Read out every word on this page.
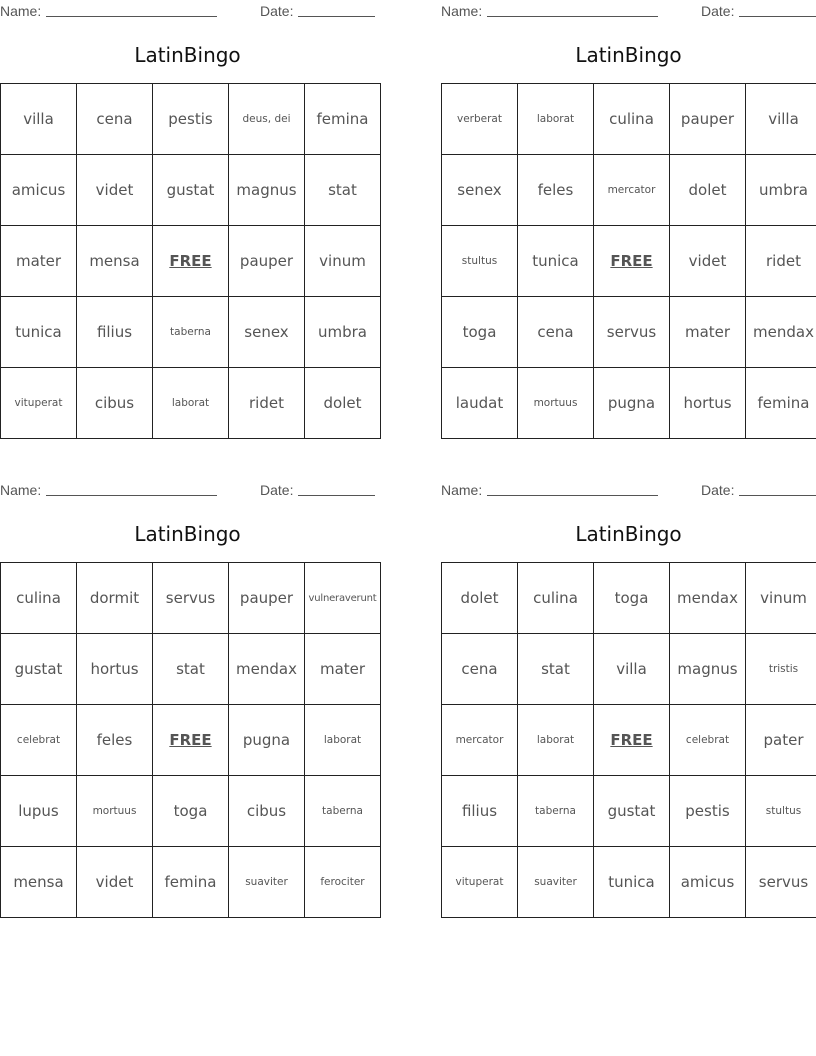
Name:	Date:
LatinBingo
villa	cena	pestis	deus, dei	femina
amicus	videt	gustat	magnus	stat
mater	mensa	FREE	pauper	vinum
tunica	filius	taberna	senex	umbra
vituperat	cibus	laborat	ridet	dolet
Name:	Date:
LatinBingo
verberat	laborat	culina	pauper	villa
senex	feles	mercator	dolet	umbra
stultus	tunica	FREE	videt	ridet
toga	cena	servus	mater	mendax
laudat	mortuus	pugna	hortus	femina
Name:	Date:
LatinBingo
culina	dormit	servus	pauper	vulneraverunt
gustat	hortus	stat	mendax	mater
celebrat	feles	FREE	pugna	laborat
lupus	mortuus	toga	cibus	taberna
mensa	videt	femina	suaviter	ferociter
Name:	Date:
LatinBingo
dolet	culina	toga	mendax	vinum
cena	stat	villa	magnus	tristis
mercator	laborat	FREE	celebrat	pater
filius	taberna	gustat	pestis	stultus
vituperat	suaviter	tunica	amicus	servus
